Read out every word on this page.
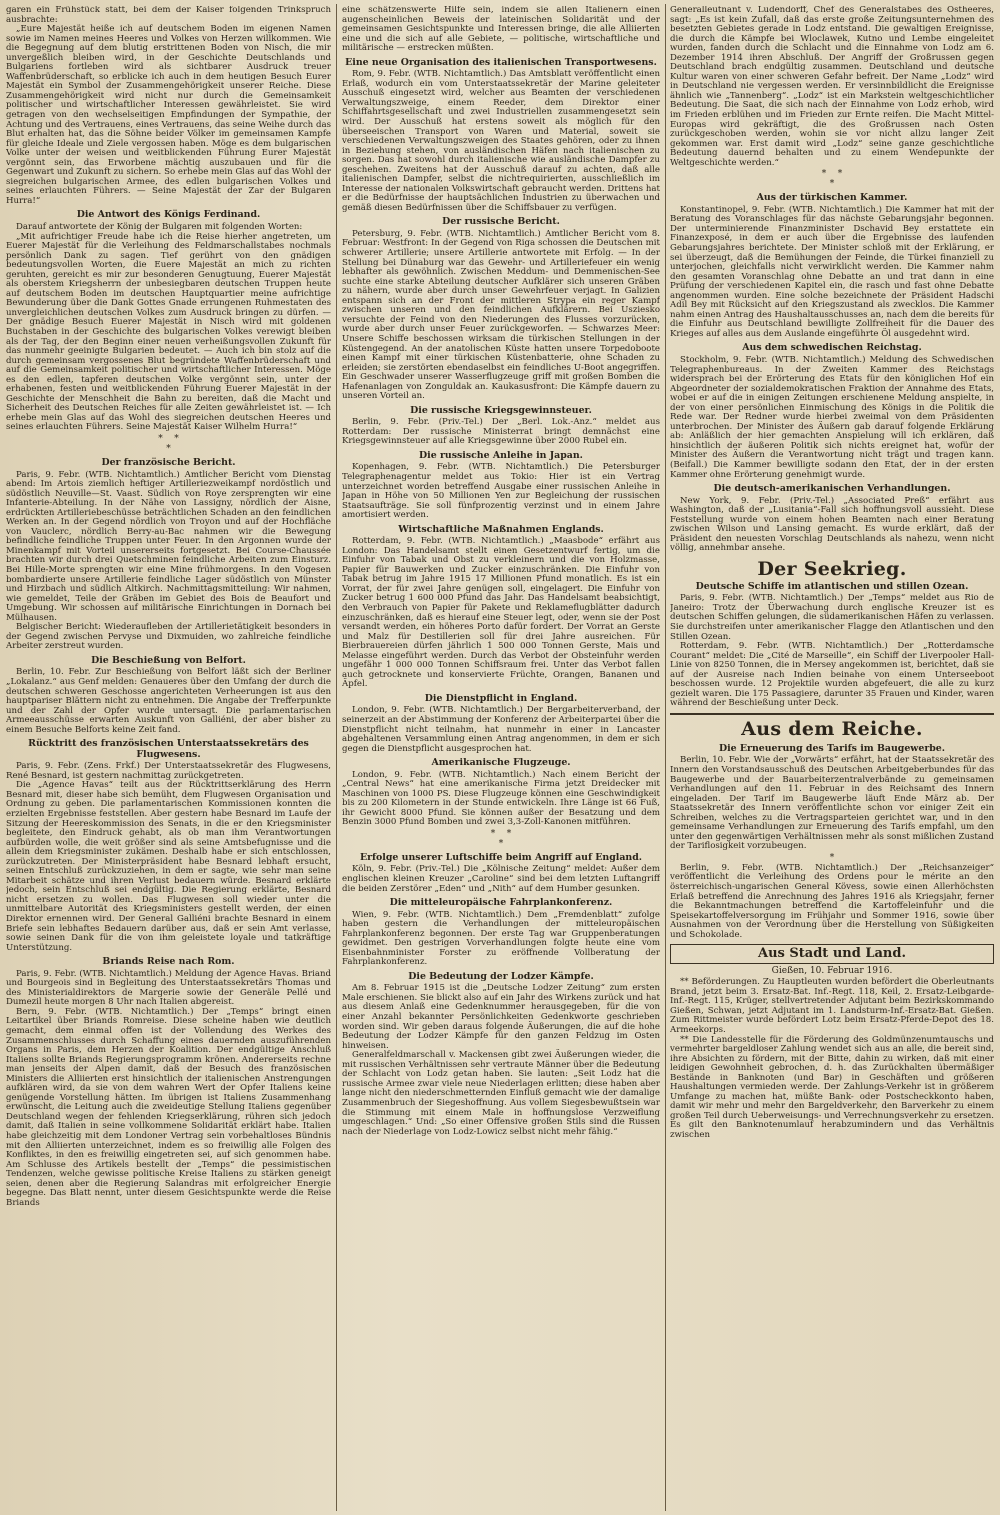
garen ein Frühstück statt, bei dem der Kaiser folgenden Trinkspruch ausbrachte:

„Eure Majestät heiße ich auf deutschem Boden im eigenen Namen sowie im Namen meines Heeres und Volkes von Herzen willkommen. Wie die Begegnung auf dem blutig erstrittenen Boden von Nisch, die mir unvergeßlich bleiben wird, in der Geschichte Deutschlands und Bulgariens fortleben wird als sichtbarer Ausdruck treuer Waffenbrüderschaft, so erblicke ich auch in dem heutigen Besuch Eurer Majestät ein Symbol der Zusammengehörigkeit unserer Reiche. Diese Zusammengehörigkeit wird nicht nur durch die Gemeinsamkeit politischer und wirtschaftlicher Interessen gewährleistet. Sie wird getragen von den wechselseitigen Empfindungen der Sympathie, der Achtung und des Vertrauens, eines Vertrauens, das seine Weihe durch das Blut erhalten hat, das die Söhne beider Völker im gemeinsamen Kampfe für gleiche Ideale und Ziele vergossen haben. Möge es dem bulgarischen Volke unter der weisen und weitblickenden Führung Eurer Majestät vergönnt sein, das Erworbene mächtig auszubauen und für die Gegenwart und Zukunft zu sichern. So erhebe mein Glas auf das Wohl der siegreichen bulgarischen Armee, des edlen bulgarischen Volkes und seines erlauchten Führers. — Seine Majestät der Zar der Bulgaren Hurra!“

Die Antwort des Königs Ferdinand.

Darauf antwortete der König der Bulgaren mit folgenden Worten:

„Mit aufrichtiger Freude habe ich die Reise hierher angetreten, um Euerer Majestät für die Verleihung des Feldmarschallstabes nochmals persönlich Dank zu sagen. Tief gerührt von den gnädigen bedeutungsvollen Worten, die Euere Majestät an mich zu richten geruhten, gereicht es mir zur besonderen Genugtuung, Euerer Majestät als oberstem Kriegsherrn der unbesiegbaren deutschen Truppen heute auf deutschem Boden im deutschen Hauptquartier meine aufrichtige Bewunderung über die Dank Gottes Gnade errungenen Ruhmestaten des unvergleichlichen deutschen Volkes zum Ausdruck bringen zu dürfen. — Der gnädige Besuch Euerer Majestät in Nisch wird mit goldenen Buchstaben in der Geschichte des bulgarischen Volkes verewigt bleiben als der Tag, der den Beginn einer neuen verheißungsvollen Zukunft für das nunmehr geeinigte Bulgarien bedeutet. — Auch ich bin stolz auf die durch gemeinsam vergossenes Blut begründete Waffenbrüderschaft und auf die Gemeinsamkeit politischer und wirtschaftlicher Interessen. Möge es den edlen, tapferen deutschen Volke vergönnt sein, unter der erhabenen, festen und weitblickenden Führung Euerer Majestät in der Geschichte der Menschheit die Bahn zu bereiten, daß die Macht und Sicherheit des Deutschen Reiches für alle Zeiten gewährleistet ist. — Ich erhebe mein Glas auf das Wohl des siegreichen deutschen Heeres und seines erlauchten Führers. Seine Majestät Kaiser Wilhelm Hurra!“

*    *
*
Der französische Bericht.

Paris, 9. Febr. (WTB. Nichtamtlich.) Amtlicher Bericht vom Dienstag abend: Im Artois ziemlich heftiger Artilleriezweikampf nordöstlich und südöstlich Neuville—St. Vaast. Südlich von Roye zersprengten wir eine Infanterie-Abteilung. In der Nähe von Lassigny, nördlich der Aisne, erdrückten Artilleriebeschüsse beträchtlichen Schaden an den feindlichen Werken an. In der Gegend nördlich von Troyon und auf der Hochfläche von Vauclerc, nördlich Berry-au-Bac nahmen wir die Bewegung befindliche feindliche Truppen unter Feuer. In den Argonnen wurde der Minenkampf mit Vorteil unsererseits fortgesetzt. Bei Course-Chaussée brachten wir durch drei Quetschminen feindliche Arbeiten zum Einsturz. Bei Hille-Morte sprengten wir eine Mine frühmorgens. In den Vogesen bombardierte unsere Artillerie feindliche Lager südöstlich von Münster und Hirzbach und südlich Altkirch. Nachmittagsmitteilung: Wir nahmen, wie gemeldet, Teile der Gräben im Gebiet des Bois de Beaufort und Umgebung. Wir schossen auf militärische Einrichtungen in Dornach bei Mülhausen.

Belgischer Bericht: Wiederaufleben der Artillerietätigkeit besonders in der Gegend zwischen Pervyse und Dixmuiden, wo zahlreiche feindliche Arbeiter zerstreut wurden.

Die Beschießung von Belfort.

Berlin, 10. Febr. Zur Beschießung von Belfort läßt sich der Berliner „Lokalanz.“ aus Genf melden: Genaueres über den Umfang der durch die deutschen schweren Geschosse angerichteten Verheerungen ist aus den hauptpariser Blättern nicht zu entnehmen. Die Angabe der Trefferpunkte und der Zahl der Opfer wurde untersagt. Die parlamentarischen Armeeausschüsse erwarten Auskunft von Galliéni, der aber bisher zu einem Besuche Belforts keine Zeit fand.

Rücktritt des französischen Unterstaatssekretärs des Flugwesens.

Paris, 9. Febr. (Zens. Frkf.) Der Unterstaatssekretär des Flugwesens, René Besnard, ist gestern nachmittag zurückgetreten.

Die „Agence Havas“ teilt aus der Rücktrittserklärung des Herrn Besnard mit, dieser habe sich bemüht, dem Flugwesen Organisation und Ordnung zu geben. Die parlamentarischen Kommissionen konnten die erzielten Ergebnisse feststellen. Aber gestern habe Besnard im Laufe der Sitzung der Heereskommission des Senats, in die er den Kriegsminister begleitete, den Eindruck gehabt, als ob man ihm Verantwortungen aufbürden wolle, die weit größer sind als seine Amtsbefugnisse und die allein dem Kriegsminister zukämen. Deshalb habe er sich entschlossen, zurückzutreten. Der Ministerpräsident habe Besnard lebhaft ersucht, seinen Entschluß zurückzuziehen, in dem er sagte, wie sehr man seine Mitarbeit schätze und ihren Verlust bedauern würde. Besnard erklärte jedoch, sein Entschluß sei endgültig. Die Regierung erklärte, Besnard nicht ersetzen zu wollen. Das Flugwesen soll wieder unter die unmittelbare Autorität des Kriegsministers gestellt werden, der einen Direktor ernennen wird. Der General Galliéni brachte Besnard in einem Briefe sein lebhaftes Bedauern darüber aus, daß er sein Amt verlasse, sowie seinen Dank für die von ihm geleistete loyale und tatkräftige Unterstützung.

Briands Reise nach Rom.

Paris, 9. Febr. (WTB. Nichtamtlich.) Meldung der Agence Havas. Briand und Bourgeois sind in Begleitung des Unterstaatssekretärs Thomas und des Ministerialdirektors de Margerie sowie der Generäle Pellé und Dumezil heute morgen 8 Uhr nach Italien abgereist.

Bern, 9. Febr. (WTB. Nichtamtlich.) Der „Temps“ bringt einen Leitartikel über Briands Romreise. Diese scheine haben wie deutlich gemacht, dem einmal offen ist der Vollendung des Werkes des Zusammenschlusses durch Schaffung eines dauernden auszuführenden Organs in Paris, dem Herzen der Koalition. Der endgültige Anschluß Italiens sollte Briands Regierungsprogramm krönen. Andererseits rechne man jenseits der Alpen damit, daß der Besuch des französischen Ministers die Alliierten erst hinsichtlich der italienischen Anstrengungen aufklären wird, da sie von dem wahren Wert der Opfer Italiens keine genügende Vorstellung hätten. Im übrigen ist Italiens Zusammenhang erwünscht, die Leitung auch die zweideutige Stellung Italiens gegenüber Deutschland wegen der fehlenden Kriegserklärung, rühren sich jedoch damit, daß Italien in seine vollkommene Solidarität erklärt habe. Italien habe gleichzeitig mit dem Londoner Vertrag sein vorbehaltloses Bündnis mit den Alliierten unterzeichnet, indem es so freiwillig alle Folgen des Konfliktes, in den es freiwillig eingetreten sei, auf sich genommen habe. Am Schlusse des Artikels bestellt der „Temps“ die pessimistischen Tendenzen, welche gewisse politische Kreise Italiens zu stärken geneigt seien, denen aber die Regierung Salandras mit erfolgreicher Energie begegne. Das Blatt nennt, unter diesem Gesichtspunkte werde die Reise Briands

eine schätzenswerte Hilfe sein, indem sie allen Italienern einen augenscheinlichen Beweis der lateinischen Solidarität und der gemeinsamen Gesichtspunkte und Interessen bringe, die alle Alliierten eine und die sich auf alle Gebiete, — politische, wirtschaftliche und militärische — erstrecken müßten.

Eine neue Organisation des italienischen Transportwesens.

Rom, 9. Febr. (WTB. Nichtamtlich.) Das Amtsblatt veröffentlicht einen Erlaß, wodurch ein vom Unterstaatssekretär der Marine geleiteter Ausschuß eingesetzt wird, welcher aus Beamten der verschiedenen Verwaltungszweige, einem Reeder, dem Direktor einer Schiffahrtsgesellschaft und zwei Industriellen zusammengesetzt sein wird. Der Ausschuß hat erstens soweit als möglich für den überseeischen Transport von Waren und Material, soweit sie verschiedenen Verwaltungszweigen des Staates gehören, oder zu ihnen in Beziehung stehen, von ausländischen Häfen nach italienischen zu sorgen. Das hat sowohl durch italienische wie ausländische Dampfer zu geschehen. Zweitens hat der Ausschuß darauf zu achten, daß alle italienischen Dampfer, selbst die nichtrequirierten, ausschließlich im Interesse der nationalen Volkswirtschaft gebraucht werden. Drittens hat er die Bedürfnisse der hauptsächlichen Industrien zu überwachen und gemäß diesen Bedürfnissen über die Schiffsbauer zu verfügen.

Der russische Bericht.

Petersburg, 9. Febr. (WTB. Nichtamtlich.) Amtlicher Bericht vom 8. Februar: Westfront: In der Gegend von Riga schossen die Deutschen mit schwerer Artillerie; unsere Artillerie antwortete mit Erfolg. — In der Stellung bei Dünaburg war das Gewehr- und Artilleriefeuer ein wenig lebhafter als gewöhnlich. Zwischen Meddum- und Demmenischen-See suchte eine starke Abteilung deutscher Aufklärer sich unseren Gräben zu nähern, wurde aber durch unser Gewehrfeuer verjagt. In Galizien entspann sich an der Front der mittleren Strypa ein reger Kampf zwischen unseren und den feindlichen Aufklärern. Bei Usziesko versuchte der Feind von den Niederungen des Flusses vorzurücken, wurde aber durch unser Feuer zurückgeworfen. — Schwarzes Meer: Unsere Schiffe beschossen wirksam die türkischen Stellungen in der Küstengegend. An der anatolischen Küste hatten unsere Torpedoboote einen Kampf mit einer türkischen Küstenbatterie, ohne Schaden zu erleiden; sie zerstörten ebendaselbst ein feindliches U-Boot angegriffen. Ein Geschwader unserer Wasserflugzeuge griff mit großen Bomben die Hafenanlagen von Zonguldak an. Kaukasusfront: Die Kämpfe dauern zu unseren Vorteil an.

Die russische Kriegsgewinnsteuer.

Berlin, 9. Febr. (Priv.-Tel.) Der „Berl. Lok.-Anz.“ meldet aus Rotterdam: Der russische Ministerrat bringt demnächst eine Kriegsgewinnsteuer auf alle Kriegsgewinne über 2000 Rubel ein.

Die russische Anleihe in Japan.

Kopenhagen, 9. Febr. (WTB. Nichtamtlich.) Die Petersburger Telegraphenagentur meldet aus Tokio: Hier ist ein Vertrag unterzeichnet worden betreffend Ausgabe einer russischen Anleihe in Japan in Höhe von 50 Millionen Yen zur Begleichung der russischen Staatsaufträge. Sie soll fünfprozentig verzinst und in einem Jahre amortisiert werden.

Wirtschaftliche Maßnahmen Englands.

Rotterdam, 9. Febr. (WTB. Nichtamtlich.) „Maasbode“ erfährt aus London: Das Handelsamt stellt einen Gesetzentwurf fertig, um die Einfuhr von Tabak und Obst zu verkleinern und die von Holzmasse, Papier für Bauwerken und Zucker einzuschränken. Die Einfuhr von Tabak betrug im Jahre 1915 17 Millionen Pfund monatlich. Es ist ein Vorrat, der für zwei Jahre genügen soll, eingelagert. Die Einfuhr von Zucker betrug 1 600 000 Pfund das Jahr. Das Handelsamt beabsichtigt, den Verbrauch von Papier für Pakete und Reklameflugblätter dadurch einzuschränken, daß es hierauf eine Steuer legt, oder, wenn sie der Post versandt werden, ein höheres Porto dafür fordert. Der Vorrat an Gerste und Malz für Destillerien soll für drei Jahre ausreichen. Für Bierbrauereien dürfen jährlich 1 500 000 Tonnen Gerste, Mais und Melasse eingeführt werden. Durch das Verbot der Obsteinfuhr werden ungefähr 1 000 000 Tonnen Schiffsraum frei. Unter das Verbot fallen auch getrocknete und konservierte Früchte, Orangen, Bananen und Äpfel.

Die Dienstpflicht in England.

London, 9. Febr. (WTB. Nichtamtlich.) Der Bergarbeiterverband, der seinerzeit an der Abstimmung der Konferenz der Arbeiterpartei über die Dienstpflicht nicht teilnahm, hat nunmehr in einer in Lancaster abgehaltenen Versammlung einen Antrag angenommen, in dem er sich gegen die Dienstpflicht ausgesprochen hat.

Amerikanische Flugzeuge.

London, 9. Febr. (WTB. Nichtamtlich.) Nach einem Bericht der „Central News“ hat eine amerikanische Firma jetzt Dreidecker mit Maschinen von 1000 PS. Diese Flugzeuge können eine Geschwindigkeit bis zu 200 Kilometern in der Stunde entwickeln. Ihre Länge ist 66 Fuß, ihr Gewicht 8000 Pfund. Sie können außer der Besatzung und dem Benzin 3000 Pfund Bomben und zwei 3,3-Zoll-Kanonen mitführen.

*    *
*
Erfolge unserer Luftschiffe beim Angriff auf England.

Köln, 9. Febr. (Priv.-Tel.) Die „Kölnische Zeitung“ meldet: Außer dem englischen kleinen Kreuzer „Caroline“ sind bei dem letzten Luftangriff die beiden Zerstörer „Eden“ und „Nith“ auf dem Humber gesunken.

Die mitteleuropäische Fahrplankonferenz.

Wien, 9. Febr. (WTB. Nichtamtlich.) Dem „Fremdenblatt“ zufolge haben gestern die Verhandlungen der mitteleuropäischen Fahrplankonferenz begonnen. Der erste Tag war Gruppenberatungen gewidmet. Den gestrigen Vorverhandlungen folgte heute eine vom Eisenbahnminister Forster zu eröffnende Vollberatung der Fahrplankonferenz.

Die Bedeutung der Lodzer Kämpfe.

Am 8. Februar 1915 ist die „Deutsche Lodzer Zeitung“ zum ersten Male erschienen. Sie blickt also auf ein Jahr des Wirkens zurück und hat aus diesem Anlaß eine Gedenknummer herausgegeben, für die von einer Anzahl bekannter Persönlichkeiten Gedenkworte geschrieben worden sind. Wir geben daraus folgende Äußerungen, die auf die hohe Bedeutung der Lodzer Kämpfe für den ganzen Feldzug im Osten hinweisen.

Generalfeldmarschall v. Mackensen gibt zwei Äußerungen wieder, die mit russischen Verhältnissen sehr vertraute Männer über die Bedeutung der Schlacht von Lodz getan haben. Sie lauten: „Seit Lodz hat die russische Armee zwar viele neue Niederlagen erlitten; diese haben aber lange nicht den niederschmetternden Einfluß gemacht wie der damalige Zusammenbruch der Siegeshoffnung. Aus vollem Siegesbewußtsein war die Stimmung mit einem Male in hoffnungslose Verzweiflung umgeschlagen.“ Und: „So einer Offensive großen Stils sind die Russen nach der Niederlage von Lodz-Lowicz selbst nicht mehr fähig.“

Generalleutnant v. Ludendorff, Chef des Generalstabes des Ostheeres, sagt: „Es ist kein Zufall, daß das erste große Zeitungsunternehmen des besetzten Gebietes gerade in Lodz entstand. Die gewaltigen Ereignisse, die durch die Kämpfe bei Wloclawek, Kutno und Lembe eingeleitet wurden, fanden durch die Schlacht und die Einnahme von Lodz am 6. Dezember 1914 ihren Abschluß. Der Angriff der Großrussen gegen Deutschland brach endgültig zusammen. Deutschland und deutsche Kultur waren von einer schweren Gefahr befreit. Der Name „Lodz“ wird in Deutschland nie vergessen werden. Er versinnbildlicht die Ereignisse ähnlich wie „Tannenberg“. „Lodz“ ist ein Markstein weltgeschichtlicher Bedeutung. Die Saat, die sich nach der Einnahme von Lodz erhob, wird im Frieden erblühen und im Frieden zur Ernte reifen. Die Macht Mittel-Europas wird gekräftigt, die des Großrussen nach Osten zurückgeschoben werden, wohin sie vor nicht allzu langer Zeit gekommen war. Erst damit wird „Lodz“ seine ganze geschichtliche Bedeutung dauernd behalten und zu einem Wendepunkte der Weltgeschichte werden.“

*    *
*
Aus der türkischen Kammer.

Konstantinopel, 9. Febr. (WTB. Nichtamtlich.) Die Kammer hat mit der Beratung des Voranschlages für das nächste Gebarungsjahr begonnen. Der unterminierende Finanzminister Dschavid Bey erstattete ein Finanzexposé, in dem er auch über die Ergebnisse des laufenden Gebarungsjahres berichtete. Der Minister schloß mit der Erklärung, er sei überzeugt, daß die Bemühungen der Feinde, die Türkei finanziell zu unterjochen, gleichfalls nicht verwirklicht werden. Die Kammer nahm den gesamten Voranschlag ohne Debatte an und trat dann in eine Prüfung der verschiedenen Kapitel ein, die rasch und fast ohne Debatte angenommen wurden. Eine solche bezeichnete der Präsident Hadschi Adil Bey mit Rücksicht auf den Kriegszustand als zwecklos. Die Kammer nahm einen Antrag des Haushaltausschusses an, nach dem die bereits für die Einfuhr aus Deutschland bewilligte Zollfreiheit für die Dauer des Krieges auf alles aus dem Auslande eingeführte Öl ausgedehnt wird.

Aus dem schwedischen Reichstag.

Stockholm, 9. Febr. (WTB. Nichtamtlich.) Meldung des Schwedischen Telegraphenbureaus. In der Zweiten Kammer des Reichstags widersprach bei der Erörterung des Etats für den königlichen Hof ein Abgeordneter der sozialdemokratischen Fraktion der Annahme des Etats, wobei er auf die in einigen Zeitungen erschienene Meldung anspielte, in der von einer persönlichen Einmischung des Königs in die Politik die Rede war. Der Redner wurde hierbei zweimal von dem Präsidenten unterbrochen. Der Minister des Äußern gab darauf folgende Erklärung ab: Anläßlich der hier gemachten Anspielung will ich erklären, daß hinsichtlich der äußeren Politik sich nichts ereignet hat, wofür der Minister des Äußern die Verantwortung nicht trägt und tragen kann. (Beifall.) Die Kammer bewilligte sodann den Etat, der in der ersten Kammer ohne Erörterung genehmigt wurde.

Die deutsch-amerikanischen Verhandlungen.

New York, 9. Febr. (Priv.-Tel.) „Associated Preß“ erfährt aus Washington, daß der „Lusitania“-Fall sich hoffnungsvoll aussieht. Diese Feststellung wurde von einem hohen Beamten nach einer Beratung zwischen Wilson und Lansing gemacht. Es wurde erklärt, daß der Präsident den neuesten Vorschlag Deutschlands als nahezu, wenn nicht völlig, annehmbar ansehe.

Der Seekrieg.
Deutsche Schiffe im atlantischen und stillen Ozean.

Paris, 9. Febr. (WTB. Nichtamtlich.) Der „Temps“ meldet aus Rio de Janeiro: Trotz der Überwachung durch englische Kreuzer ist es deutschen Schiffen gelungen, die südamerikanischen Häfen zu verlassen. Sie durchstreifen unter amerikanischer Flagge den Atlantischen und den Stillen Ozean.

Rotterdam, 9. Febr. (WTB. Nichtamtlich.) Der „Rotterdamsche Courant“ meldet: Die „Cité de Marseille“, ein Schiff der Liverpooler Hall-Linie von 8250 Tonnen, die in Mersey angekommen ist, berichtet, daß sie auf der Ausreise nach Indien beinahe von einem Unterseeboot beschossen wurde. 12 Projektile wurden abgefeuert, die alle zu kurz gezielt waren. Die 175 Passagiere, darunter 35 Frauen und Kinder, waren während der Beschießung unter Deck.

Aus dem Reiche.
Die Erneuerung des Tarifs im Baugewerbe.

Berlin, 10. Febr. Wie der „Vorwärts“ erfährt, hat der Staatssekretär des Innern den Vorstandsausschuß des Deutschen Arbeitgeberbundes für das Baugewerbe und der Bauarbeiterzentralverbände zu gemeinsamen Verhandlungen auf den 11. Februar in des Reichsamt des Innern eingeladen. Der Tarif im Baugewerbe läuft Ende März ab. Der Staatssekretär des Innern veröffentlichte schon vor einiger Zeit ein Schreiben, welches zu die Vertragsparteien gerichtet war, und in den gemeinsame Verhandlungen zur Erneuerung des Tarifs empfahl, um den unter den gegenwärtigen Verhältnissen mehr als sonst mißlichen Zustand der Tariflosigkeit vorzubeugen.

*

Berlin, 9. Febr. (WTB. Nichtamtlich.) Der „Reichsanzeiger“ veröffentlicht die Verleihung des Ordens pour le mérite an den österreichisch-ungarischen General Kövess, sowie einen Allerhöchsten Erlaß betreffend die Anrechnung des Jahres 1916 als Kriegsjahr, ferner die Bekanntmachungen betreffend die Kartoffeleinfuhr und die Speisekartoffelversorgung im Frühjahr und Sommer 1916, sowie über Ausnahmen von der Verordnung über die Herstellung von Süßigkeiten und Schokolade.

Aus Stadt und Land.
Gießen, 10. Februar 1916.

** Beförderungen. Zu Hauptleuten wurden befördert die Oberleutnants Brand, jetzt beim 3. Ersatz-Bat. Inf.-Regt. 118, Keil, 2. Ersatz-Leibgarde-Inf.-Regt. 115, Krüger, stellvertretender Adjutant beim Bezirkskommando Gießen, Schwan, jetzt Adjutant im 1. Landsturm-Inf.-Ersatz-Bat. Gießen. Zum Rittmeister wurde befördert Lotz beim Ersatz-Pferde-Depot des 18. Armeekorps.

** Die Landesstelle für die Förderung des Goldmünzenumtauschs und vermehrter bargeldloser Zahlung wendet sich aus an alle, die bereit sind, ihre Absichten zu fördern, mit der Bitte, dahin zu wirken, daß mit einer leidigen Gewohnheit gebrochen, d. h. das Zurückhalten übermäßiger Bestände in Banknoten (und Bar) in Geschäften und größeren Haushaltungen vermieden werde. Der Zahlungs-Verkehr ist in größerem Umfange zu machen hat, müßte Bank- oder Postscheckkonto haben, damit wir mehr und mehr den Bargeldverkehr, den Barverkehr zu einem großen Teil durch Ueberweisungs- und Verrechnungsverkehr zu ersetzen. Es gilt den Banknotenumlauf herabzumindern und das Verhältnis zwischen
